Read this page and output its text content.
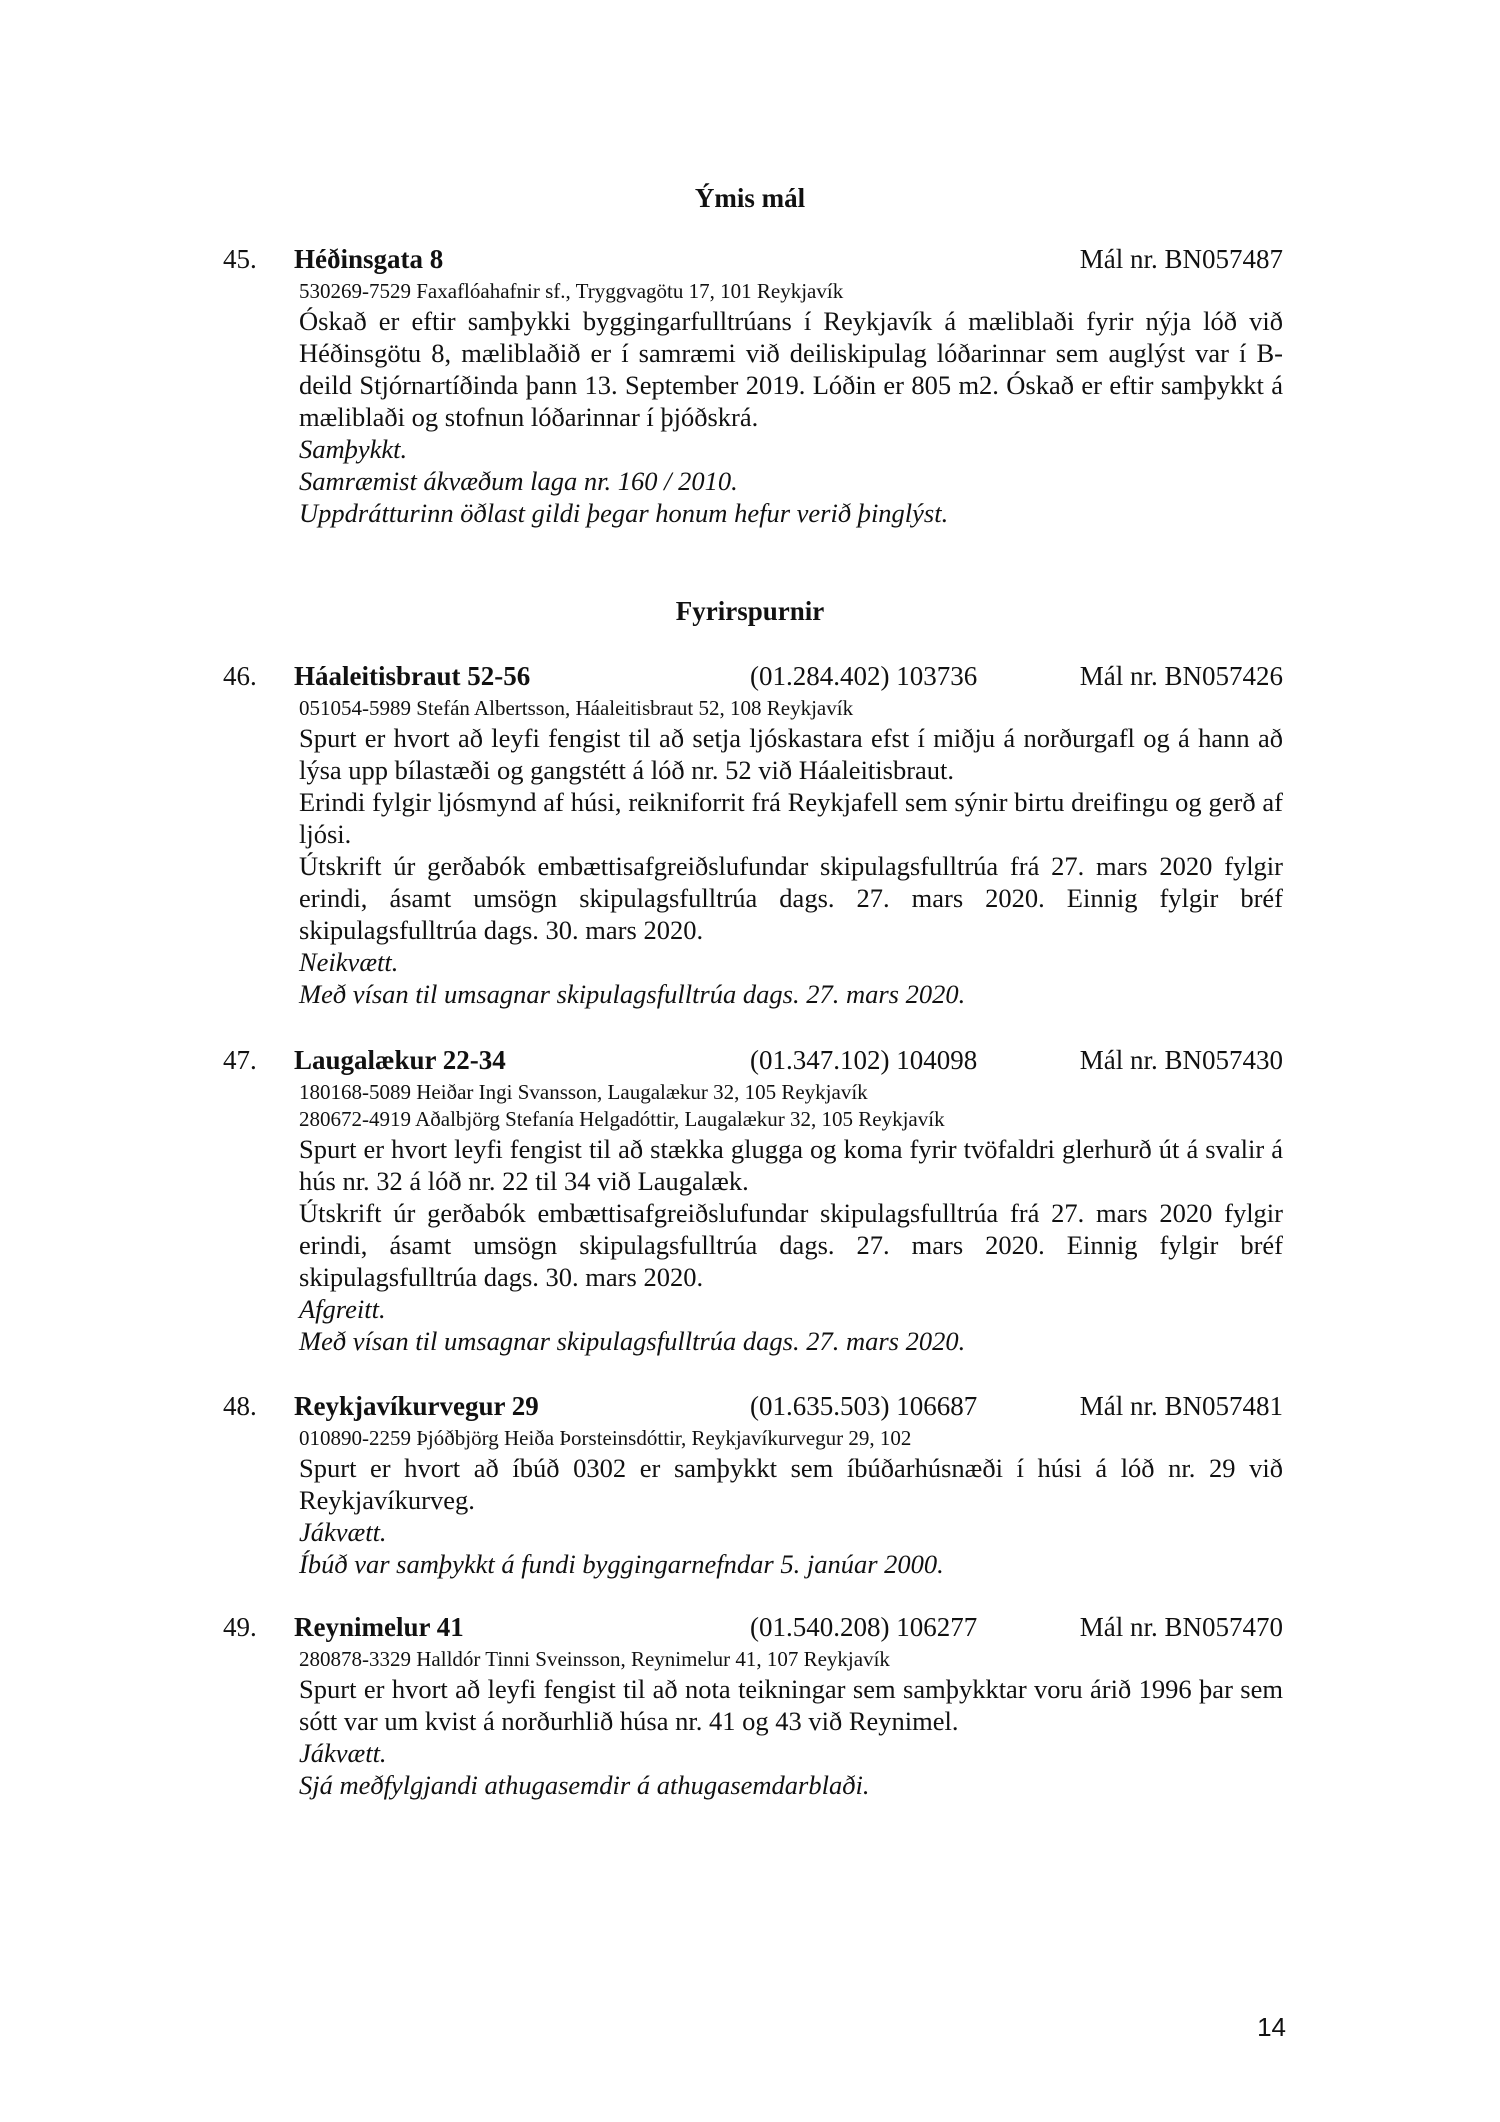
Ýmis mál
45. Héðinsgata 8	Mál nr. BN057487
530269-7529 Faxaflóahafnir sf., Tryggvagötu 17, 101 Reykjavík

Óskað er eftir samþykki byggingarfulltrúans í Reykjavík á mæliblaði fyrir nýja lóð við Héðinsgötu 8, mæliblaðið er í samræmi við deiliskipulag lóðarinnar sem auglýst var í B-deild Stjórnartíðinda þann 13. September 2019. Lóðin er 805 m2. Óskað er eftir samþykkt á mæliblaði og stofnun lóðarinnar í þjóðskrá.

Samþykkt.
Samræmist ákvæðum laga nr. 160 / 2010.
Uppdrátturinn öðlast gildi þegar honum hefur verið þinglýst.
Fyrirspurnir
46. Háaleitisbraut 52-56	(01.284.402) 103736	Mál nr. BN057426
051054-5989 Stefán Albertsson, Háaleitisbraut 52, 108 Reykjavík

Spurt er hvort að leyfi fengist til að setja ljóskastara efst í miðju á norðurgafl og á hann að lýsa upp bílastæði og gangstétt á lóð nr. 52 við Háaleitisbraut.

Erindi fylgir ljósmynd af húsi, reikniforrit frá Reykjafell sem sýnir birtu dreifingu og gerð af ljósi.

Útskrift úr gerðabók embættisafgreiðslufundar skipulagsfulltrúa frá 27. mars 2020 fylgir erindi, ásamt umsögn skipulagsfulltrúa dags. 27. mars 2020. Einnig fylgir bréf skipulagsfulltrúa dags. 30. mars 2020.

Neikvætt.
Með vísan til umsagnar skipulagsfulltrúa dags. 27. mars 2020.
47. Laugalækur 22-34	(01.347.102) 104098	Mál nr. BN057430
180168-5089 Heiðar Ingi Svansson, Laugalækur 32, 105 Reykjavík
280672-4919 Aðalbjörg Stefanía Helgadóttir, Laugalækur 32, 105 Reykjavík

Spurt er hvort leyfi fengist til að stækka glugga og koma fyrir tvöfaldri glerhurð út á svalir á hús nr. 32 á lóð nr. 22 til 34 við Laugalæk.

Útskrift úr gerðabók embættisafgreiðslufundar skipulagsfulltrúa frá 27. mars 2020 fylgir erindi, ásamt umsögn skipulagsfulltrúa dags. 27. mars 2020. Einnig fylgir bréf skipulagsfulltrúa dags. 30. mars 2020.

Afgreitt.
Með vísan til umsagnar skipulagsfulltrúa dags. 27. mars 2020.
48. Reykjavíkurvegur 29	(01.635.503) 106687	Mál nr. BN057481
010890-2259 Þjóðbjörg Heiða Þorsteinsdóttir, Reykjavíkurvegur 29, 102

Spurt er hvort að íbúð 0302 er samþykkt sem íbúðarhúsnæði í húsi á lóð nr. 29 við Reykjavíkurveg.

Jákvætt.
Íbúð var samþykkt á fundi byggingarnefndar 5. janúar 2000.
49. Reynimelur 41	(01.540.208) 106277	Mál nr. BN057470
280878-3329 Halldór Tinni Sveinsson, Reynimelur 41, 107 Reykjavík

Spurt er hvort að leyfi fengist til að nota teikningar sem samþykktar voru árið 1996 þar sem sótt var um kvist á norðurhlið húsa nr. 41 og 43 við Reynimel.

Jákvætt.
Sjá meðfylgjandi athugasemdir á athugasemdarblaði.
14
